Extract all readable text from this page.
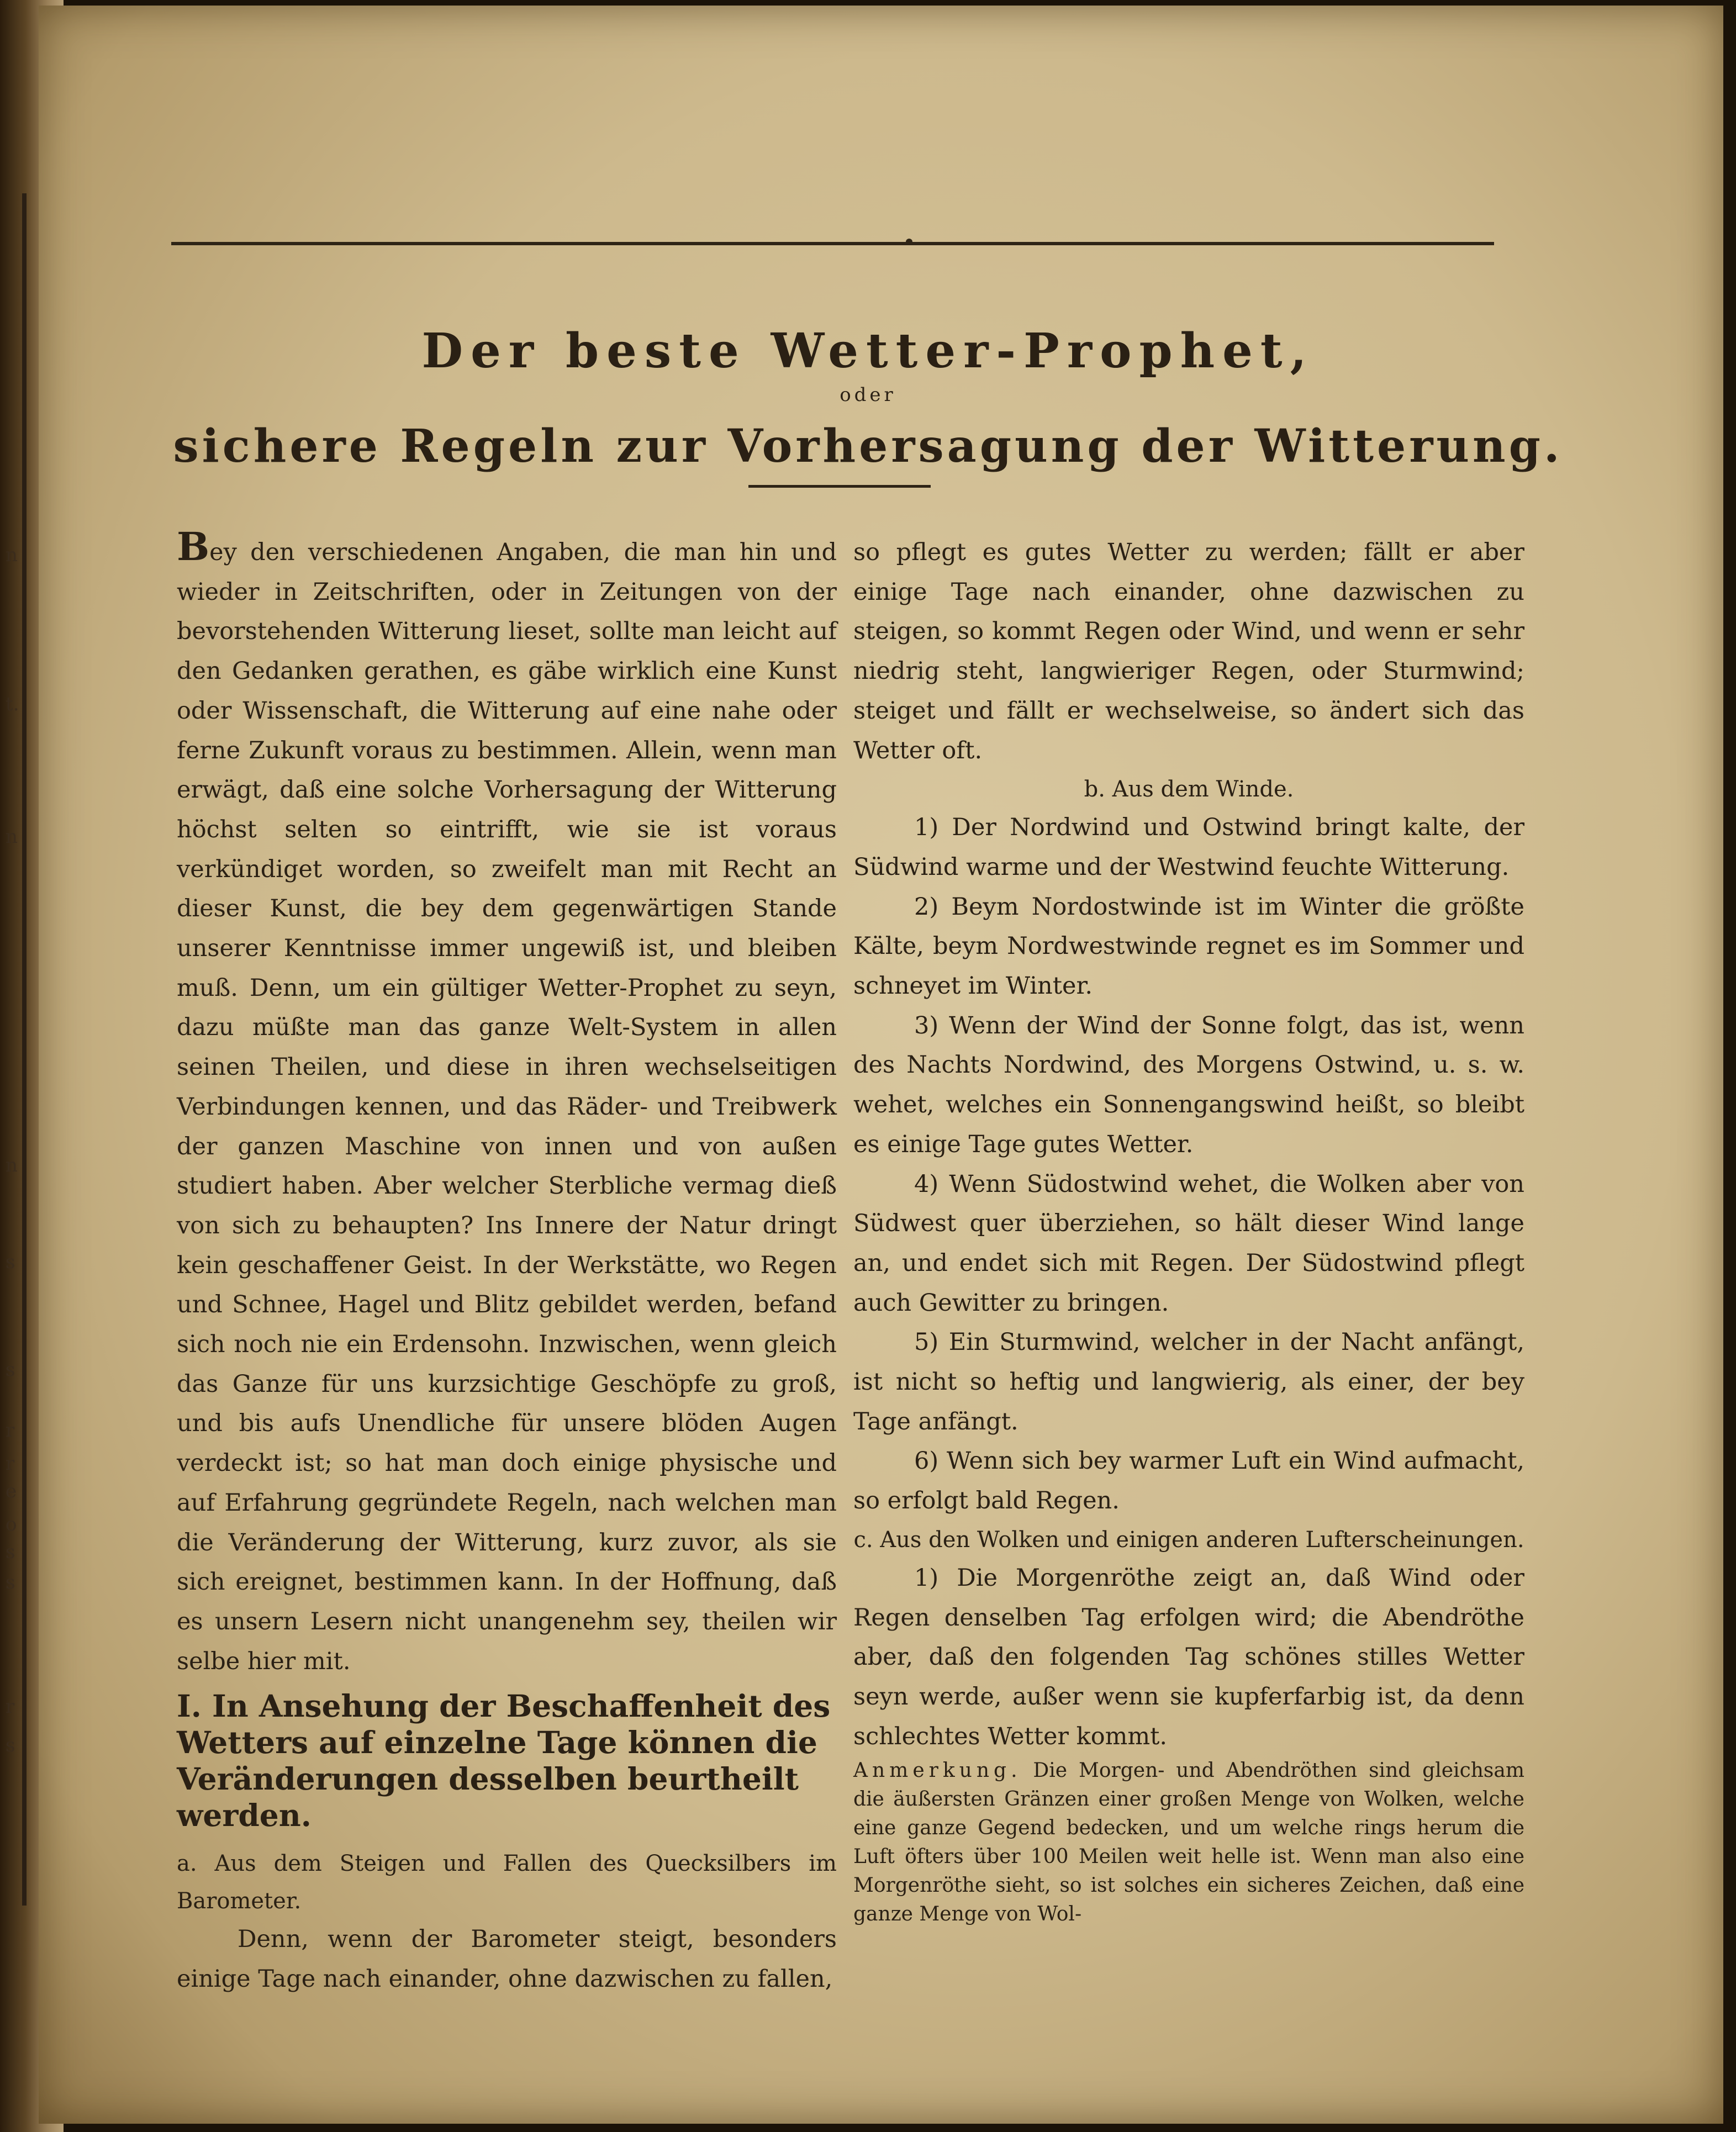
n
t.
n
n
s
s
r
r
e
o
s
s
r
s
Der beste Wetter-Prophet,
oder
sichere Regeln zur Vorhersagung der Witterung.

Bey den verschiedenen Angaben, die man hin und wieder in Zeitschriften, oder in Zeitungen von der bevorstehenden Witterung lieset, sollte man leicht auf den Gedanken gerathen, es gäbe wirklich eine Kunst oder Wissenschaft, die Witterung auf eine nahe oder ferne Zukunft voraus zu bestimmen. Allein, wenn man erwägt, daß eine solche Vorhersagung der Witterung höchst selten so eintrifft, wie sie ist voraus verkündiget worden, so zweifelt man mit Recht an dieser Kunst, die bey dem gegenwärtigen Stande unserer Kenntnisse immer ungewiß ist, und bleiben muß. Denn, um ein gültiger Wetter-Prophet zu seyn, dazu müßte man das ganze Welt-System in allen seinen Theilen, und diese in ihren wechselseitigen Verbindungen kennen, und das Räder- und Treibwerk der ganzen Maschine von innen und von außen studiert haben. Aber welcher Sterbliche vermag dieß von sich zu behaupten? Ins Innere der Natur dringt kein geschaffener Geist. In der Werkstätte, wo Regen und Schnee, Hagel und Blitz gebildet werden, befand sich noch nie ein Erdensohn. Inzwischen, wenn gleich das Ganze für uns kurzsichtige Geschöpfe zu groß, und bis aufs Unendliche für unsere blöden Augen verdeckt ist; so hat man doch einige physische und auf Erfahrung gegründete Regeln, nach welchen man die Veränderung der Witterung, kurz zuvor, als sie sich ereignet, bestimmen kann. In der Hoffnung, daß es unsern Lesern nicht unangenehm sey, theilen wir selbe hier mit.

I. In Ansehung der Beschaffenheit des Wetters auf einzelne Tage können die Veränderungen desselben beurtheilt werden.

a. Aus dem Steigen und Fallen des Quecksilbers im Barometer.

Denn, wenn der Barometer steigt, besonders einige Tage nach einander, ohne dazwischen zu fallen,

so pflegt es gutes Wetter zu werden; fällt er aber einige Tage nach einander, ohne dazwischen zu steigen, so kommt Regen oder Wind, und wenn er sehr niedrig steht, langwieriger Regen, oder Sturmwind; steiget und fällt er wechselweise, so ändert sich das Wetter oft.

b. Aus dem Winde.

1) Der Nordwind und Ostwind bringt kalte, der Südwind warme und der Westwind feuchte Witterung.

2) Beym Nordostwinde ist im Winter die größte Kälte, beym Nordwestwinde regnet es im Sommer und schneyet im Winter.

3) Wenn der Wind der Sonne folgt, das ist, wenn des Nachts Nordwind, des Morgens Ostwind, u. s. w. wehet, welches ein Sonnengangswind heißt, so bleibt es einige Tage gutes Wetter.

4) Wenn Südostwind wehet, die Wolken aber von Südwest quer überziehen, so hält dieser Wind lange an, und endet sich mit Regen. Der Südostwind pflegt auch Gewitter zu bringen.

5) Ein Sturmwind, welcher in der Nacht anfängt, ist nicht so heftig und langwierig, als einer, der bey Tage anfängt.

6) Wenn sich bey warmer Luft ein Wind aufmacht, so erfolgt bald Regen.

c. Aus den Wolken und einigen anderen Lufterscheinungen.

1) Die Morgenröthe zeigt an, daß Wind oder Regen denselben Tag erfolgen wird; die Abendröthe aber, daß den folgenden Tag schönes stilles Wetter seyn werde, außer wenn sie kupferfarbig ist, da denn schlechtes Wetter kommt.

Anmerkung. Die Morgen- und Abendröthen sind gleichsam die äußersten Gränzen einer großen Menge von Wolken, welche eine ganze Gegend bedecken, und um welche rings herum die Luft öfters über 100 Meilen weit helle ist. Wenn man also eine Morgenröthe sieht, so ist solches ein sicheres Zeichen, daß eine ganze Menge von Wol-
